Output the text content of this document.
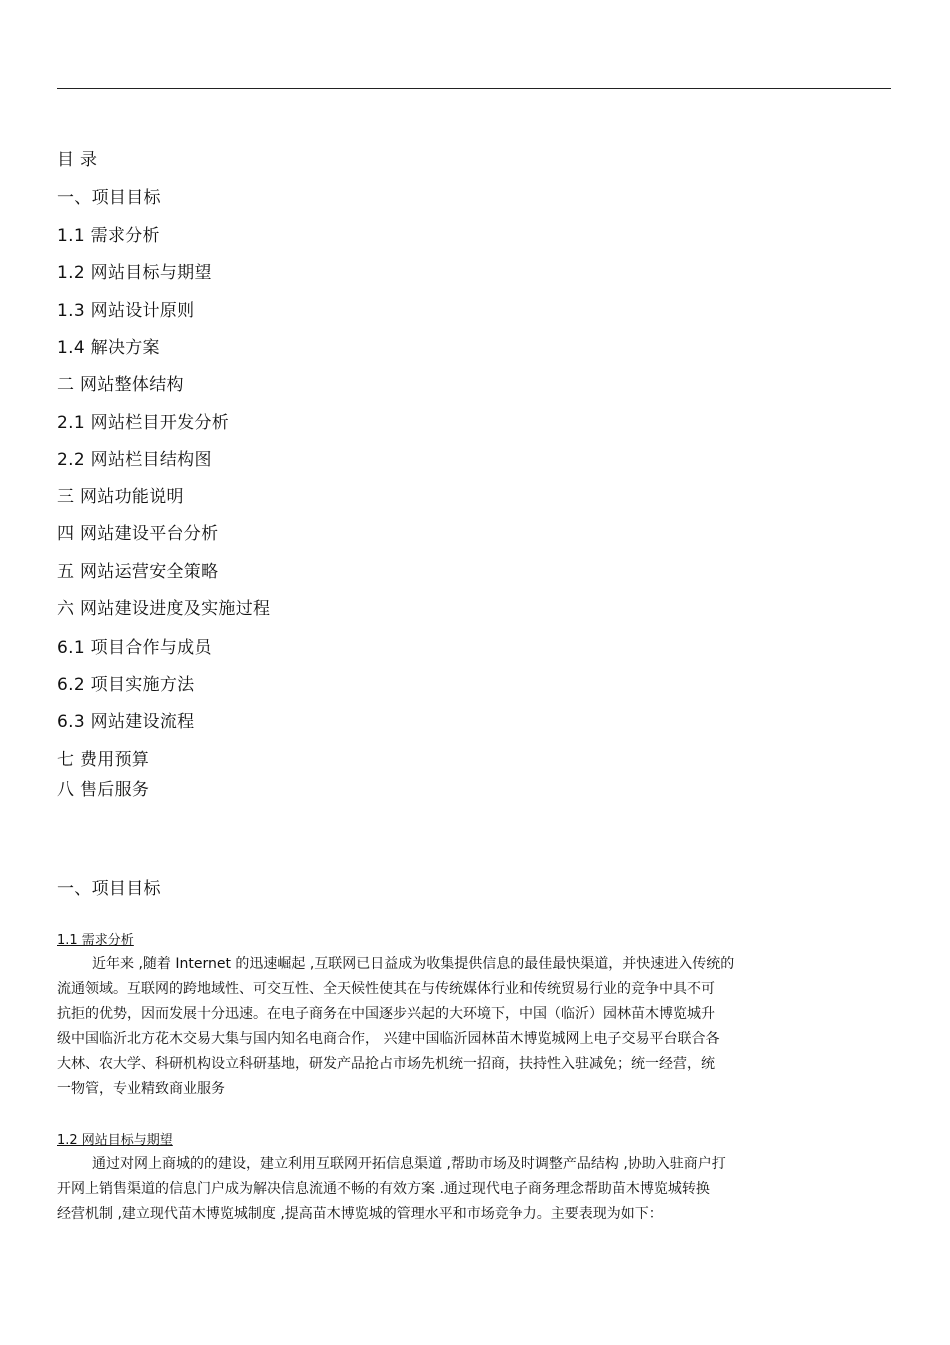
目 录
一、项目目标
1.1 需求分析
1.2 网站目标与期望
1.3 网站设计原则
1.4 解决方案
二 网站整体结构
2.1 网站栏目开发分析
2.2 网站栏目结构图
三 网站功能说明
四 网站建设平台分析
五 网站运营安全策略
六 网站建设进度及实施过程
6.1 项目合作与成员
6.2 项目实施方法
6.3 网站建设流程
七 费用预算
八 售后服务
一、项目目标
1.1 需求分析
近年来 ,随着 Internet 的迅速崛起 ,互联网已日益成为收集提供信息的最佳最快渠道，并快速进入传统的
流通领域。互联网的跨地域性、可交互性、全天候性使其在与传统媒体行业和传统贸易行业的竞争中具不可
抗拒的优势，因而发展十分迅速。在电子商务在中国逐步兴起的大环境下，中国（临沂）园林苗木博览城升
级中国临沂北方花木交易大集与国内知名电商合作， 兴建中国临沂园林苗木博览城网上电子交易平台联合各
大林、农大学、科研机构设立科研基地，研发产品抢占市场先机统一招商，扶持性入驻减免；统一经营，统
一物管，专业精致商业服务
1.2 网站目标与期望
通过对网上商城的的建设，建立利用互联网开拓信息渠道 ,帮助市场及时调整产品结构 ,协助入驻商户打
开网上销售渠道的信息门户成为解决信息流通不畅的有效方案 .通过现代电子商务理念帮助苗木博览城转换
经营机制 ,建立现代苗木博览城制度 ,提高苗木博览城的管理水平和市场竞争力。主要表现为如下：
